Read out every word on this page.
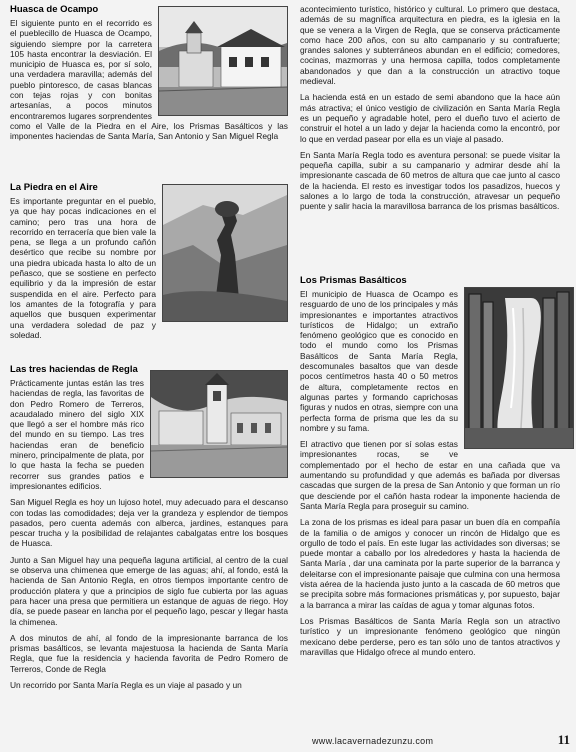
Huasca de Ocampo

El siguiente punto en el recorrido es el pueblecillo de Huasca de Ocampo, siguiendo siempre por la carretera 105 hasta encontrar la desviación. El municipio de Huasca es, por sí solo, una verdadera maravilla; además del pueblo pintoresco, de casas blancas con tejas rojas y con bonitas artesanías, a pocos minutos encontraremos lugares sorprendentes como el Valle de la Piedra en el Aire, los Prismas Basálticos y las imponentes haciendas de Santa María, San Antonio y San Miguel Regla

La Piedra en el Aire

Es importante preguntar en el pueblo, ya que hay pocas indicaciones en el camino; pero tras una hora de recorrido en terracería que bien vale la pena, se llega a un profundo cañón desértico que recibe su nombre por una piedra ubicada hasta lo alto de un peñasco, que se sostiene en perfecto equilibrio y da la impresión de estar suspendida en el aire. Perfecto para los amantes de la fotografía y para aquellos que busquen experimentar una verdadera soledad de paz y soledad.

Las tres haciendas de Regla

Prácticamente juntas están las tres haciendas de regla, las favoritas de don Pedro Romero de Terreros, acaudalado minero del siglo XIX que llegó a ser el hombre más rico del mundo en su tiempo. Las tres haciendas eran de beneficio minero, principalmente de plata, por lo que hasta la fecha se pueden recorrer sus grandes patios e impresionantes edificios.

San Miguel Regla es hoy un lujoso hotel, muy adecuado para el descanso con todas las comodidades; deja ver la grandeza y esplendor de tiempos pasados, pero cuenta además con alberca, jardines, estanques para pescar trucha y la posibilidad de relajantes cabalgatas entre los bosques de Huasca.

Junto a San Miguel hay una pequeña laguna artificial, al centro de la cual se observa una chimenea que emerge de las aguas; ahí, al fondo, está la hacienda de San Antonio Regla, en otros tiempos importante centro de producción platera y que a principios de siglo fue cubierta por las aguas para hacer una presa que permitiera un estanque de aguas de riego. Hoy día, se puede pasear en lancha por el pequeño lago, pescar y llegar hasta la chimenea.

A dos minutos de ahí, al fondo de la impresionante barranca de los prismas basálticos, se levanta majestuosa la hacienda de Santa María Regla, que fue la residencia y hacienda favorita de Pedro Romero de Terreros, Conde de Regla

Un recorrido por Santa María Regla es un viaje al pasado y un

acontecimiento turístico, histórico y cultural. Lo primero que destaca, además de su magnífica arquitectura en piedra, es la iglesia en la que se venera a la Virgen de Regla, que se conserva prácticamente como hace 200 años, con su alto campanario y su contrafuerte; grandes salones y subterráneos abundan en el edificio; comedores, cocinas, mazmorras y una hermosa capilla, todos completamente abandonados y que dan a la construcción un atractivo toque medieval.

La hacienda está en un estado de semi abandono que la hace aún más atractiva; el único vestigio de civilización en Santa María Regla es un pequeño y agradable hotel, pero el dueño tuvo el acierto de construir el hotel a un lado y dejar la hacienda como la encontró, por lo que en verdad pasear por ella es un viaje al pasado.

En Santa María Regla todo es aventura personal: se puede visitar la pequeña capilla, subir a su campanario y admirar desde ahí la impresionante cascada de 60 metros de altura que cae junto al casco de la hacienda. El resto es investigar todos los pasadizos, huecos y salones a lo largo de toda la construcción, atravesar un pequeño puente y salir hacia la maravillosa barranca de los prismas basálticos.

Los Prismas Basálticos

El municipio de Huasca de Ocampo es resguardo de uno de los principales y más impresionantes e importantes atractivos turísticos de Hidalgo; un extraño fenómeno geológico que es conocido en todo el mundo como los Prismas Basálticos de Santa María Regla, descomunales basaltos que van desde pocos centímetros hasta 40 o 50 metros de altura, completamente rectos en algunas partes y formando caprichosas figuras y nudos en otras, siempre con una perfecta forma de prisma que les da su nombre y su fama.

El atractivo que tienen por sí solas estas impresionantes rocas, se ve complementado por el hecho de estar en una cañada que va aumentando su profundidad y que además es bañada por diversas cascadas que surgen de la presa de San Antonio y que forman un río que desciende por el cañón hasta rodear la imponente hacienda de Santa María Regla para proseguir su camino.

La zona de los prismas es ideal para pasar un buen día en compañía de la familia o de amigos y conocer un rincón de Hidalgo que es orgullo de todo el país. En este lugar las actividades son diversas; se puede montar a caballo por los alrededores y hasta la hacienda de Santa María , dar una caminata por la parte superior de la barranca y deleitarse con el impresionante paisaje que culmina con una hermosa vista aérea de la hacienda justo junto a la cascada de 60 metros que se precipita sobre más formaciones prismáticas y, por supuesto, bajar a la barranca a mirar las caídas de agua y tomar algunas fotos.

Los Prismas Basálticos de Santa María Regla son un atractivo turístico y un impresionante fenómeno geológico que ningún mexicano debe perderse, pero es tan sólo uno de tantos atractivos y maravillas que Hidalgo ofrece al mundo entero.

www.lacavernadezunzu.com	11
